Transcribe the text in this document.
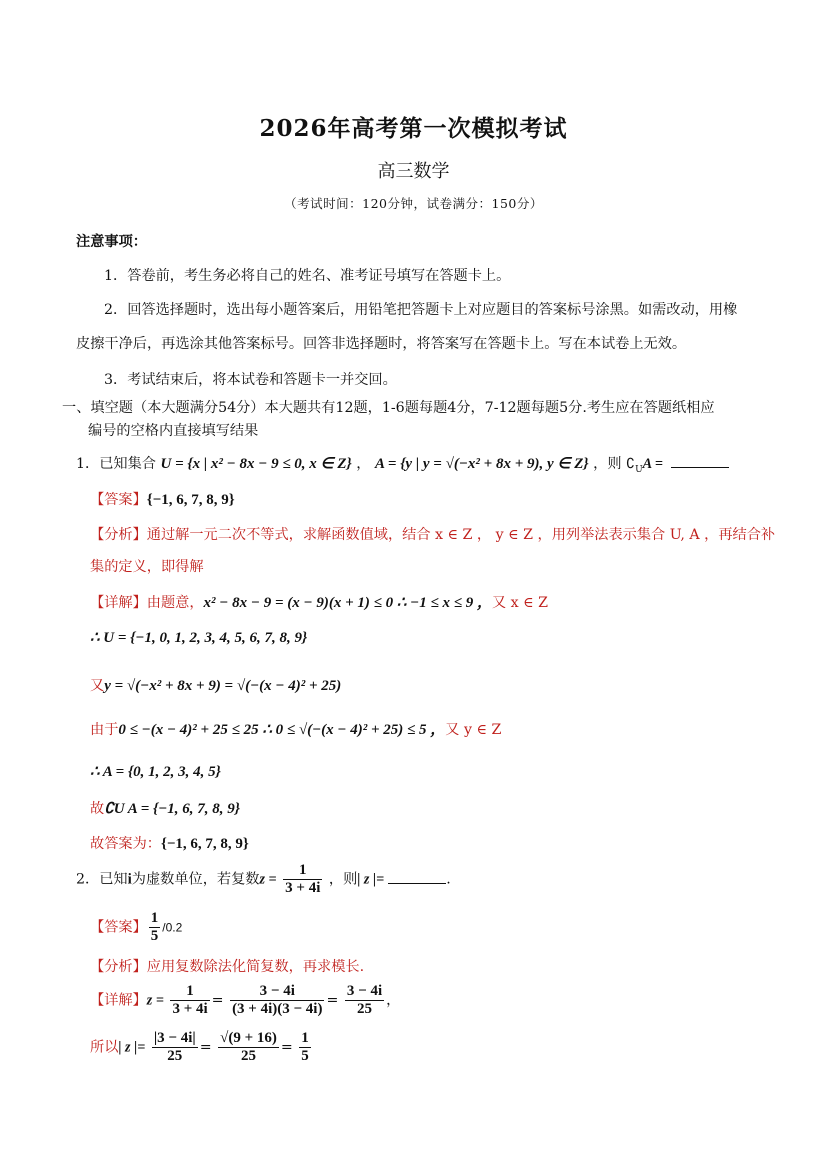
2026年高考第一次模拟考试
高三数学
（考试时间：120分钟，试卷满分：150分）
注意事项：
1．答卷前，考生务必将自己的姓名、准考证号填写在答题卡上。
2．回答选择题时，选出每小题答案后，用铅笔把答题卡上对应题目的答案标号涂黑。如需改动，用橡
皮擦干净后，再选涂其他答案标号。回答非选择题时，将答案写在答题卡上。写在本试卷上无效。
3．考试结束后，将本试卷和答题卡一并交回。
一、填空题（本大题满分54分）本大题共有12题，1-6题每题4分，7-12题每题5分.考生应在答题纸相应
编号的空格内直接填写结果
1．已知集合 U = {x | x² − 8x − 9 ≤ 0, x ∈ Z} ， A = {y | y = √(−x² + 8x + 9), y ∈ Z} ，则 $∁_UA$ =
【答案】{−1, 6, 7, 8, 9}
【分析】通过解一元二次不等式，求解函数值域，结合 x ∈ Z ， y ∈ Z ，用列举法表示集合 U, A ，再结合补
集的定义，即得解
【详解】由题意，x² − 8x − 9 = (x − 9)(x + 1) ≤ 0 ∴ −1 ≤ x ≤ 9 ，又 x ∈ Z
∴ U = {−1, 0, 1, 2, 3, 4, 5, 6, 7, 8, 9}
又y = √(−x² + 8x + 9) = √(−(x − 4)² + 25)
由于0 ≤ −(x − 4)² + 25 ≤ 25 ∴ 0 ≤ √(−(x − 4)² + 25) ≤ 5 ，又 y ∈ Z
∴ A = {0, 1, 2, 3, 4, 5}
故∁U A = {−1, 6, 7, 8, 9}
故答案为：{−1, 6, 7, 8, 9}
2．已知i为虚数单位，若复数$z = \frac{1}{3 + 4i}$ ，则| z |=	.
【答案】 $\frac{1}{5} /0.2$
【分析】应用复数除法化简复数，再求模长.
【详解】$z = \frac{1}{3 + 4i} = \frac{3 - 4i}{(3 + 4i)(3 - 4i)} = \frac{3 - 4i}{25}$ ，
所以| z |= $\frac{|3 - 4i|}{25} = \frac{√(9 + 16)}{25} = \frac{1}{5}$
